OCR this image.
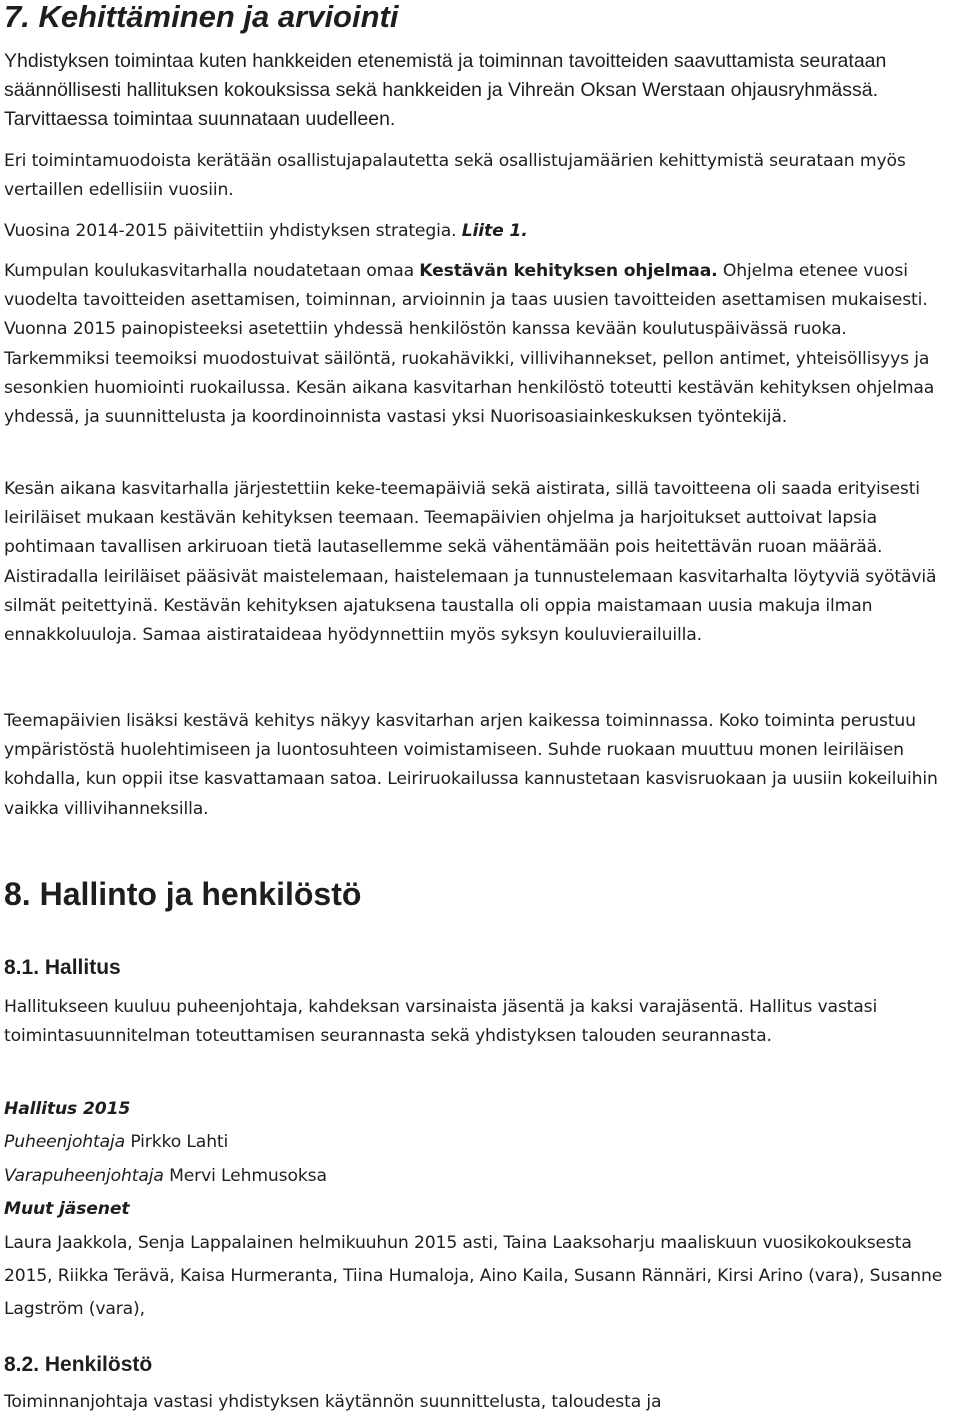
7. Kehittäminen ja arviointi

Yhdistyksen toimintaa kuten hankkeiden etenemistä ja toiminnan tavoitteiden saavuttamista seurataan säännöllisesti hallituksen kokouksissa sekä hankkeiden ja Vihreän Oksan Werstaan ohjausryhmässä. Tarvittaessa toimintaa suunnataan uudelleen.

Eri toimintamuodoista kerätään osallistujapalautetta sekä osallistujamäärien kehittymistä seurataan myös vertaillen edellisiin vuosiin.

Vuosina 2014-2015 päivitettiin yhdistyksen strategia. Liite 1.

Kumpulan koulukasvitarhalla noudatetaan omaa Kestävän kehityksen ohjelmaa. Ohjelma etenee vuosi vuodelta tavoitteiden asettamisen, toiminnan, arvioinnin ja taas uusien tavoitteiden asettamisen mukaisesti. Vuonna 2015 painopisteeksi asetettiin yhdessä henkilöstön kanssa kevään koulutuspäivässä ruoka. Tarkemmiksi teemoiksi muodostuivat säilöntä, ruokahävikki, villivihannekset, pellon antimet, yhteisöllisyys ja sesonkien huomiointi ruokailussa. Kesän aikana kasvitarhan henkilöstö toteutti kestävän kehityksen ohjelmaa yhdessä, ja suunnittelusta ja koordinoinnista vastasi yksi Nuorisoasiainkeskuksen työntekijä.

Kesän aikana kasvitarhalla järjestettiin keke-teemapäiviä sekä aistirata, sillä tavoitteena oli saada erityisesti leiriläiset mukaan kestävän kehityksen teemaan. Teemapäivien ohjelma ja harjoitukset auttoivat lapsia pohtimaan tavallisen arkiruoan tietä lautasellemme sekä vähentämään pois heitettävän ruoan määrää. Aistiradalla leiriläiset pääsivät maistelemaan, haistelemaan ja tunnustelemaan kasvitarhalta löytyviä syötäviä silmät peitettyinä. Kestävän kehityksen ajatuksena taustalla oli oppia maistamaan uusia makuja ilman ennakkoluuloja. Samaa aistirataideaa hyödynnettiin myös syksyn kouluvierailuilla.

Teemapäivien lisäksi kestävä kehitys näkyy kasvitarhan arjen kaikessa toiminnassa. Koko toiminta perustuu ympäristöstä huolehtimiseen ja luontosuhteen voimistamiseen. Suhde ruokaan muuttuu monen leiriläisen kohdalla, kun oppii itse kasvattamaan satoa. Leiriruokailussa kannustetaan kasvisruokaan ja uusiin kokeiluihin vaikka villivihanneksilla.

8. Hallinto ja henkilöstö
8.1. Hallitus

Hallitukseen kuuluu puheenjohtaja, kahdeksan varsinaista jäsentä ja kaksi varajäsentä. Hallitus vastasi toimintasuunnitelman toteuttamisen seurannasta sekä yhdistyksen talouden seurannasta.

Hallitus 2015
Puheenjohtaja Pirkko Lahti
Varapuheenjohtaja Mervi Lehmusoksa
Muut jäsenet
Laura Jaakkola, Senja Lappalainen helmikuuhun 2015 asti, Taina Laaksoharju maaliskuun vuosikokouksesta 2015, Riikka Terävä, Kaisa Hurmeranta, Tiina Humaloja, Aino Kaila, Susann Rännäri, Kirsi Arino (vara), Susanne Lagström (vara),

8.2. Henkilöstö

Toiminnanjohtaja vastasi yhdistyksen käytännön suunnittelusta, taloudesta ja
